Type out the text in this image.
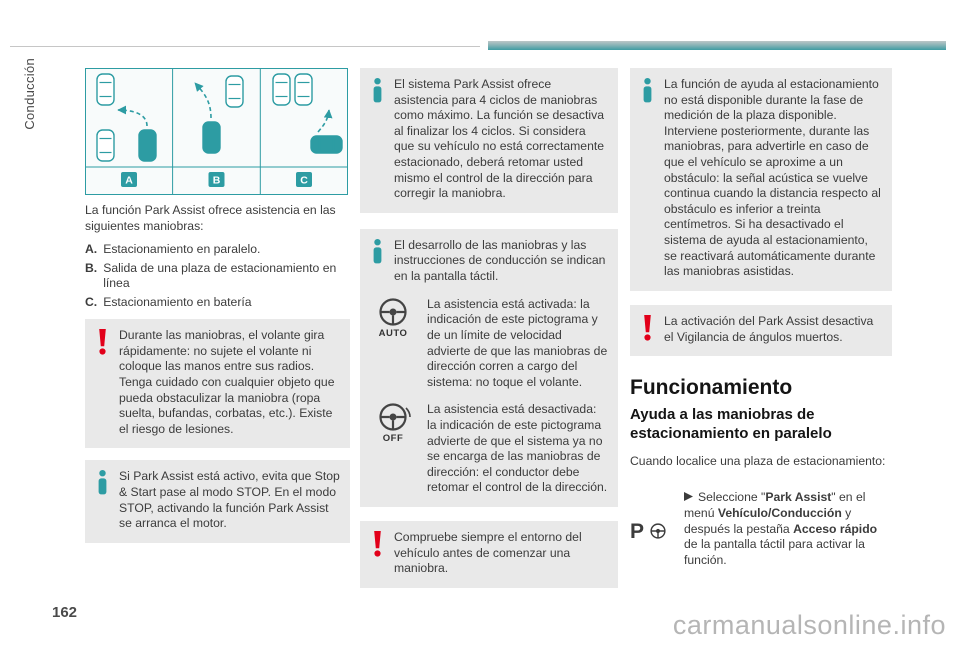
Conducción
A	B	C

La función Park Assist ofrece asistencia en las siguientes maniobras:

A. Estacionamiento en paralelo.
B. Salida de una plaza de estacionamiento en línea
C. Estacionamiento en batería
Durante las maniobras, el volante gira rápidamente: no sujete el volante ni coloque las manos entre sus radios. Tenga cuidado con cualquier objeto que pueda obstaculizar la maniobra (ropa suelta, bufandas, corbatas, etc.). Existe el riesgo de lesiones.
Si Park Assist está activo, evita que Stop & Start pase al modo STOP. En el modo STOP, activando la función Park Assist se arranca el motor.
El sistema Park Assist ofrece asistencia para 4 ciclos de maniobras como máximo. La función se desactiva al finalizar los 4 ciclos. Si considera que su vehículo no está correctamente estacionado, deberá retomar usted mismo el control de la dirección para corregir la maniobra.
El desarrollo de las maniobras y las instrucciones de conducción se indican en la pantalla táctil.
AUTO
La asistencia está activada: la indicación de este pictograma y de un límite de velocidad advierte de que las maniobras de dirección corren a cargo del sistema: no toque el volante.
OFF
La asistencia está desactivada: la indicación de este pictograma advierte de que el sistema ya no se encarga de las maniobras de dirección: el conductor debe retomar el control de la dirección.
Compruebe siempre el entorno del vehículo antes de comenzar una maniobra.
La función de ayuda al estacionamiento no está disponible durante la fase de medición de la plaza disponible. Interviene posteriormente, durante las maniobras, para advertirle en caso de que el vehículo se aproxime a un obstáculo: la señal acústica se vuelve continua cuando la distancia respecto al obstáculo es inferior a treinta centímetros. Si ha desactivado el sistema de ayuda al estacionamiento, se reactivará automáticamente durante las maniobras asistidas.
La activación del Park Assist desactiva el Vigilancia de ángulos muertos.
Funcionamiento
Ayuda a las maniobras de estacionamiento en paralelo

Cuando localice una plaza de estacionamiento:

P

Seleccione "Park Assist" en el menú Vehículo/Conducción y después la pestaña Acceso rápido de la pantalla táctil para activar la función.

162	carmanualsonline.info
